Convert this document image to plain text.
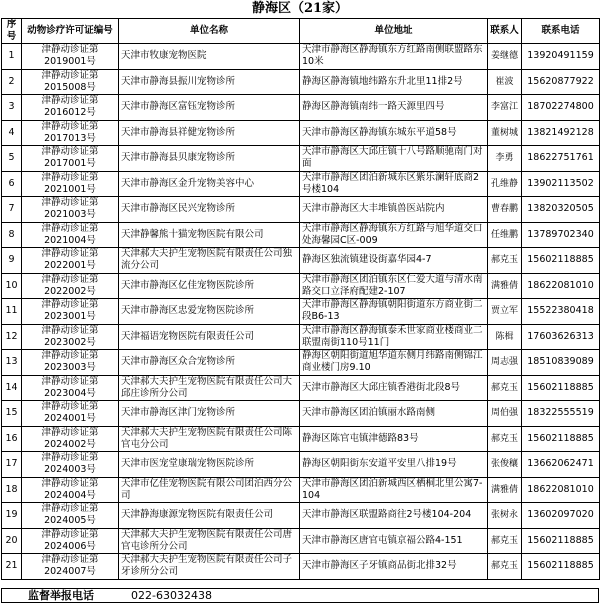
静海区（21家）
序号	动物诊疗许可证编号	单位名称	单位地址	联系人	联系电话
1	津静动诊证第2019001号	天津市牧康宠物医院	天津市静海区静海镇东方红路南侧联盟路东10米	姜继德	13920491159
2	津静动诊证第2015008号	天津市静海县振川宠物诊所	静海区静海镇地纬路东升北里11排2号	崔波	15620877922
3	津静动诊证第2016012号	天津市静海区富钰宠物诊所	静海区静海镇南纬一路天源里四号	李富江	18702274800
4	津静动诊证第2017013号	天津市静海县祥健宠物诊所	天津市静海区静海镇东城东平道58号	董树城	13821492128
5	津静动诊证第2017001号	天津市静海县贝康宠物诊所	天津市静海区大邱庄镇十八号路顺驰南门对面	李勇	18622751761
6	津静动诊证第2021001号	天津市静海区金升宠物美容中心	天津市静海区团泊新城东区紫乐澜轩底商2号楼104	孔维静	13902113502
7	津静动诊证第2021003号	天津市静海区民兴宠物诊所	天津市静海区大丰堆镇兽医站院内	曹春鹏	13820320505
8	津静动诊证第2021004号	天津静馨熊十猫宠物医院有限公司	天津市静海区静海镇东方红路与旭华道交口处海馨园C区-009	任维鹏	13789702340
9	津静动诊证第2022001号	天津郝大夫护生宠物医院有限责任公司独流分公司	静海区独流镇建设街嘉华园4-7	郝克玉	15602118885
10	津静动诊证第2022002号	天津市静海区亿佳宠物医院诊所	天津市静海区团泊镇东区仁爱大道与清水南路交口立泽府配建2-107	满雅倩	18622081010
11	津静动诊证第2023001号	天津市静海区忠爱宠物医院诊所	天津市静海区静海镇朝阳街道东方商业街二段B6-13	贾立军	15522380418
12	津静动诊证第2023002号	天津福语宠物医院有限责任公司	天津市静海区静海镇泰禾世家商业楼商业二联盟南街110号11门	陈楫	17603626313
13	津静动诊证第2023003号	天津市静海区众合宠物诊所	静海区朝阳街道旭华道东侧月纬路南侧锦江商业楼门房9.10	周志强	18510839089
14	津静动诊证第2023004号	天津郝大夫护生宠物医院有限责任公司大邱庄诊所分公司	天津市静海区大邱庄镇香港街北段8号	郝克玉	15602118885
15	津静动诊证第2024001号	天津市静海区津门宠物诊所	天津市静海区团泊镇丽水路南侧	周伯强	18322555519
16	津静动诊证第2024002号	天津郝大夫护生宠物医院有限责任公司陈官屯分公司	静海区陈官屯镇津德路83号	郝克玉	15602118885
17	津静动诊证第2024003号	天津市医宠堂康瑞宠物医院诊所	静海区朝阳街东安道平安里八排19号	张俊穰	13662062471
18	津静动诊证第2024004号	天津市亿佳宠物医院有限公司团泊西分公司	天津市静海区团泊新城西区栖桐北里公寓7-104	满雅倩	18622081010
19	津静动诊证第2024005号	天津静海康源宠物医院有限责任公司	天津市静海区联盟路商往2号楼104-204	张树永	13602097020
20	津静动诊证第2024006号	天津郝大夫护生宠物医院有限责任公司唐官屯诊所分公司	天津市静海区唐官屯镇京福公路4-151	郝克玉	15602118885
21	津静动诊证第2024007号	天津郝大夫护生宠物医院有限责任公司子牙诊所分公司	天津市静海区子牙镇商品街北排32号	郝克玉	15602118885
监督举报电话	022-63032438
